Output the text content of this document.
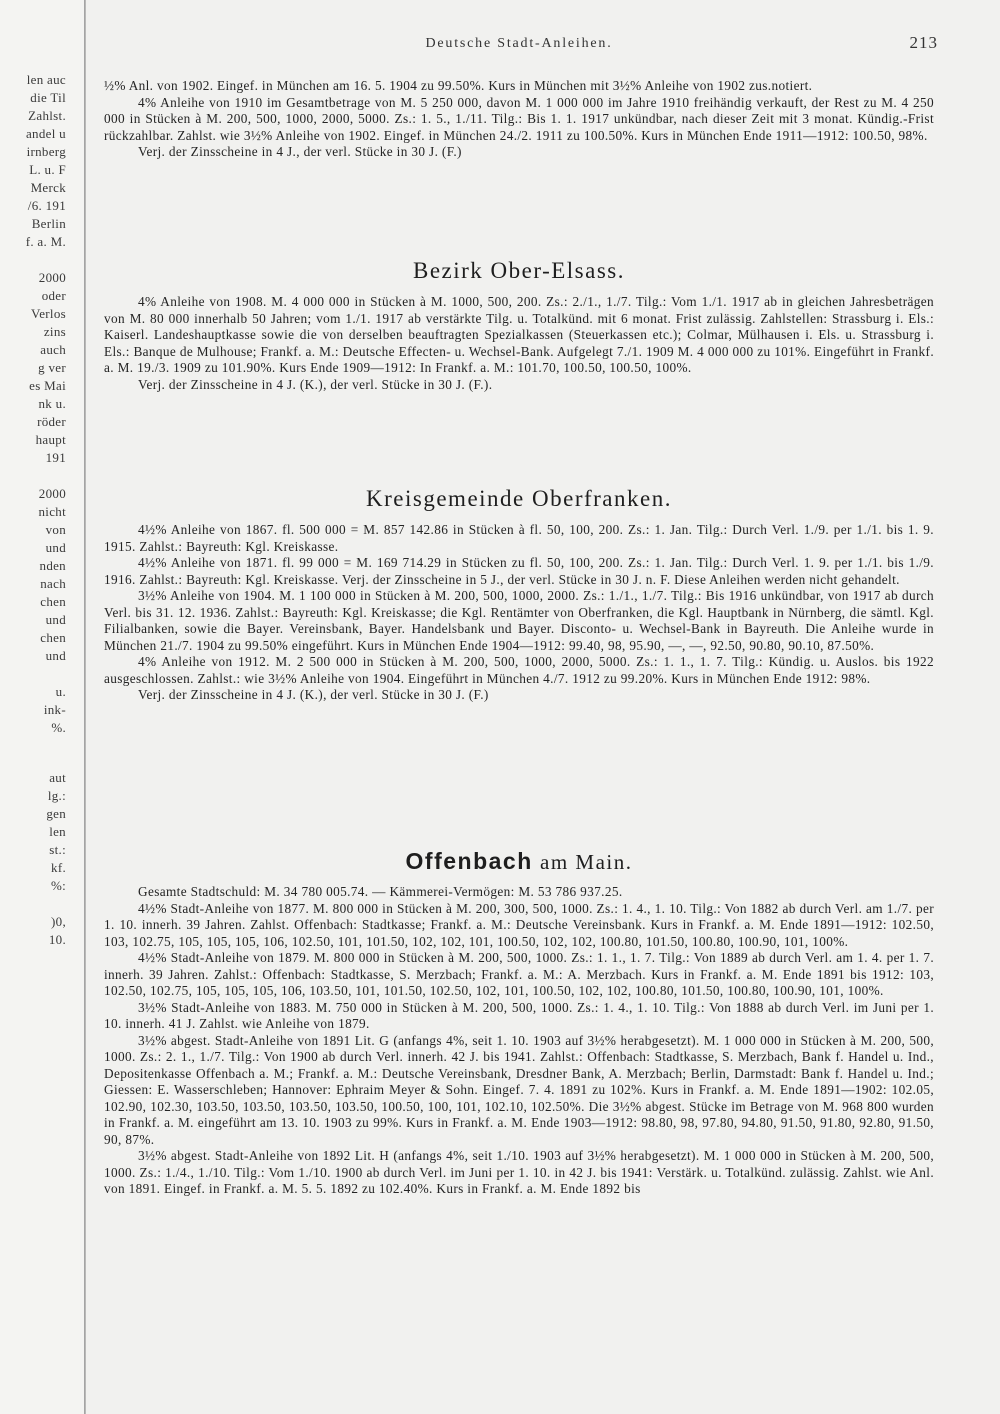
len auc
die Til
Zahlst.
andel u
irnberg
L. u. F
Merck
/6. 191
Berlin
f. a. M.
2000
oder
Verlos
zins
auch
g ver
es Mai
nk u.
röder
haupt
191
2000
nicht
von
und
nden
nach
chen
und
chen
und
u.
ink-
%.
aut
lg.:
gen
len
st.:
kf.
%:
)0,
10.
Deutsche Stadt-Anleihen.	213

½% Anl. von 1902. Eingef. in München am 16. 5. 1904 zu 99.50%. Kurs in München mit 3½% Anleihe von 1902 zus.notiert.

4% Anleihe von 1910 im Gesamtbetrage von M. 5 250 000, davon M. 1 000 000 im Jahre 1910 freihändig verkauft, der Rest zu M. 4 250 000 in Stücken à M. 200, 500, 1000, 2000, 5000. Zs.: 1. 5., 1./11. Tilg.: Bis 1. 1. 1917 unkündbar, nach dieser Zeit mit 3 monat. Kündig.-Frist rückzahlbar. Zahlst. wie 3½% Anleihe von 1902. Eingef. in München 24./2. 1911 zu 100.50%. Kurs in München Ende 1911—1912: 100.50, 98%.

Verj. der Zinsscheine in 4 J., der verl. Stücke in 30 J. (F.)

Bezirk Ober-Elsass.

4% Anleihe von 1908. M. 4 000 000 in Stücken à M. 1000, 500, 200. Zs.: 2./1., 1./7. Tilg.: Vom 1./1. 1917 ab in gleichen Jahresbeträgen von M. 80 000 innerhalb 50 Jahren; vom 1./1. 1917 ab verstärkte Tilg. u. Totalkünd. mit 6 monat. Frist zulässig. Zahlstellen: Strassburg i. Els.: Kaiserl. Landeshauptkasse sowie die von derselben beauftragten Spezialkassen (Steuerkassen etc.); Colmar, Mülhausen i. Els. u. Strassburg i. Els.: Banque de Mulhouse; Frankf. a. M.: Deutsche Effecten- u. Wechsel-Bank. Aufgelegt 7./1. 1909 M. 4 000 000 zu 101%. Eingeführt in Frankf. a. M. 19./3. 1909 zu 101.90%. Kurs Ende 1909—1912: In Frankf. a. M.: 101.70, 100.50, 100.50, 100%.

Verj. der Zinsscheine in 4 J. (K.), der verl. Stücke in 30 J. (F.).

Kreisgemeinde Oberfranken.

4½% Anleihe von 1867. fl. 500 000 = M. 857 142.86 in Stücken à fl. 50, 100, 200. Zs.: 1. Jan. Tilg.: Durch Verl. 1./9. per 1./1. bis 1. 9. 1915. Zahlst.: Bayreuth: Kgl. Kreiskasse.

4½% Anleihe von 1871. fl. 99 000 = M. 169 714.29 in Stücken zu fl. 50, 100, 200. Zs.: 1. Jan. Tilg.: Durch Verl. 1. 9. per 1./1. bis 1./9. 1916. Zahlst.: Bayreuth: Kgl. Kreiskasse. Verj. der Zinsscheine in 5 J., der verl. Stücke in 30 J. n. F. Diese Anleihen werden nicht gehandelt.

3½% Anleihe von 1904. M. 1 100 000 in Stücken à M. 200, 500, 1000, 2000. Zs.: 1./1., 1./7. Tilg.: Bis 1916 unkündbar, von 1917 ab durch Verl. bis 31. 12. 1936. Zahlst.: Bayreuth: Kgl. Kreiskasse; die Kgl. Rentämter von Oberfranken, die Kgl. Hauptbank in Nürnberg, die sämtl. Kgl. Filialbanken, sowie die Bayer. Vereinsbank, Bayer. Handelsbank und Bayer. Disconto- u. Wechsel-Bank in Bayreuth. Die Anleihe wurde in München 21./7. 1904 zu 99.50% eingeführt. Kurs in München Ende 1904—1912: 99.40, 98, 95.90, —, —, 92.50, 90.80, 90.10, 87.50%.

4% Anleihe von 1912. M. 2 500 000 in Stücken à M. 200, 500, 1000, 2000, 5000. Zs.: 1. 1., 1. 7. Tilg.: Kündig. u. Auslos. bis 1922 ausgeschlossen. Zahlst.: wie 3½% Anleihe von 1904. Eingeführt in München 4./7. 1912 zu 99.20%. Kurs in München Ende 1912: 98%.

Verj. der Zinsscheine in 4 J. (K.), der verl. Stücke in 30 J. (F.)

Offenbach am Main.

Gesamte Stadtschuld: M. 34 780 005.74. — Kämmerei-Vermögen: M. 53 786 937.25.

4½% Stadt-Anleihe von 1877. M. 800 000 in Stücken à M. 200, 300, 500, 1000. Zs.: 1. 4., 1. 10. Tilg.: Von 1882 ab durch Verl. am 1./7. per 1. 10. innerh. 39 Jahren. Zahlst. Offenbach: Stadtkasse; Frankf. a. M.: Deutsche Vereinsbank. Kurs in Frankf. a. M. Ende 1891—1912: 102.50, 103, 102.75, 105, 105, 105, 106, 102.50, 101, 101.50, 102, 102, 101, 100.50, 102, 102, 100.80, 101.50, 100.80, 100.90, 101, 100%.

4½% Stadt-Anleihe von 1879. M. 800 000 in Stücken à M. 200, 500, 1000. Zs.: 1. 1., 1. 7. Tilg.: Von 1889 ab durch Verl. am 1. 4. per 1. 7. innerh. 39 Jahren. Zahlst.: Offenbach: Stadtkasse, S. Merzbach; Frankf. a. M.: A. Merzbach. Kurs in Frankf. a. M. Ende 1891 bis 1912: 103, 102.50, 102.75, 105, 105, 105, 106, 103.50, 101, 101.50, 102.50, 102, 101, 100.50, 102, 102, 100.80, 101.50, 100.80, 100.90, 101, 100%.

3½% Stadt-Anleihe von 1883. M. 750 000 in Stücken à M. 200, 500, 1000. Zs.: 1. 4., 1. 10. Tilg.: Von 1888 ab durch Verl. im Juni per 1. 10. innerh. 41 J. Zahlst. wie Anleihe von 1879.

3½% abgest. Stadt-Anleihe von 1891 Lit. G (anfangs 4%, seit 1. 10. 1903 auf 3½% herabgesetzt). M. 1 000 000 in Stücken à M. 200, 500, 1000. Zs.: 2. 1., 1./7. Tilg.: Von 1900 ab durch Verl. innerh. 42 J. bis 1941. Zahlst.: Offenbach: Stadtkasse, S. Merzbach, Bank f. Handel u. Ind., Depositenkasse Offenbach a. M.; Frankf. a. M.: Deutsche Vereinsbank, Dresdner Bank, A. Merzbach; Berlin, Darmstadt: Bank f. Handel u. Ind.; Giessen: E. Wasserschleben; Hannover: Ephraim Meyer & Sohn. Eingef. 7. 4. 1891 zu 102%. Kurs in Frankf. a. M. Ende 1891—1902: 102.05, 102.90, 102.30, 103.50, 103.50, 103.50, 103.50, 100.50, 100, 101, 102.10, 102.50%. Die 3½% abgest. Stücke im Betrage von M. 968 800 wurden in Frankf. a. M. eingeführt am 13. 10. 1903 zu 99%. Kurs in Frankf. a. M. Ende 1903—1912: 98.80, 98, 97.80, 94.80, 91.50, 91.80, 92.80, 91.50, 90, 87%.

3½% abgest. Stadt-Anleihe von 1892 Lit. H (anfangs 4%, seit 1./10. 1903 auf 3½% herabgesetzt). M. 1 000 000 in Stücken à M. 200, 500, 1000. Zs.: 1./4., 1./10. Tilg.: Vom 1./10. 1900 ab durch Verl. im Juni per 1. 10. in 42 J. bis 1941: Verstärk. u. Totalkünd. zulässig. Zahlst. wie Anl. von 1891. Eingef. in Frankf. a. M. 5. 5. 1892 zu 102.40%. Kurs in Frankf. a. M. Ende 1892 bis
